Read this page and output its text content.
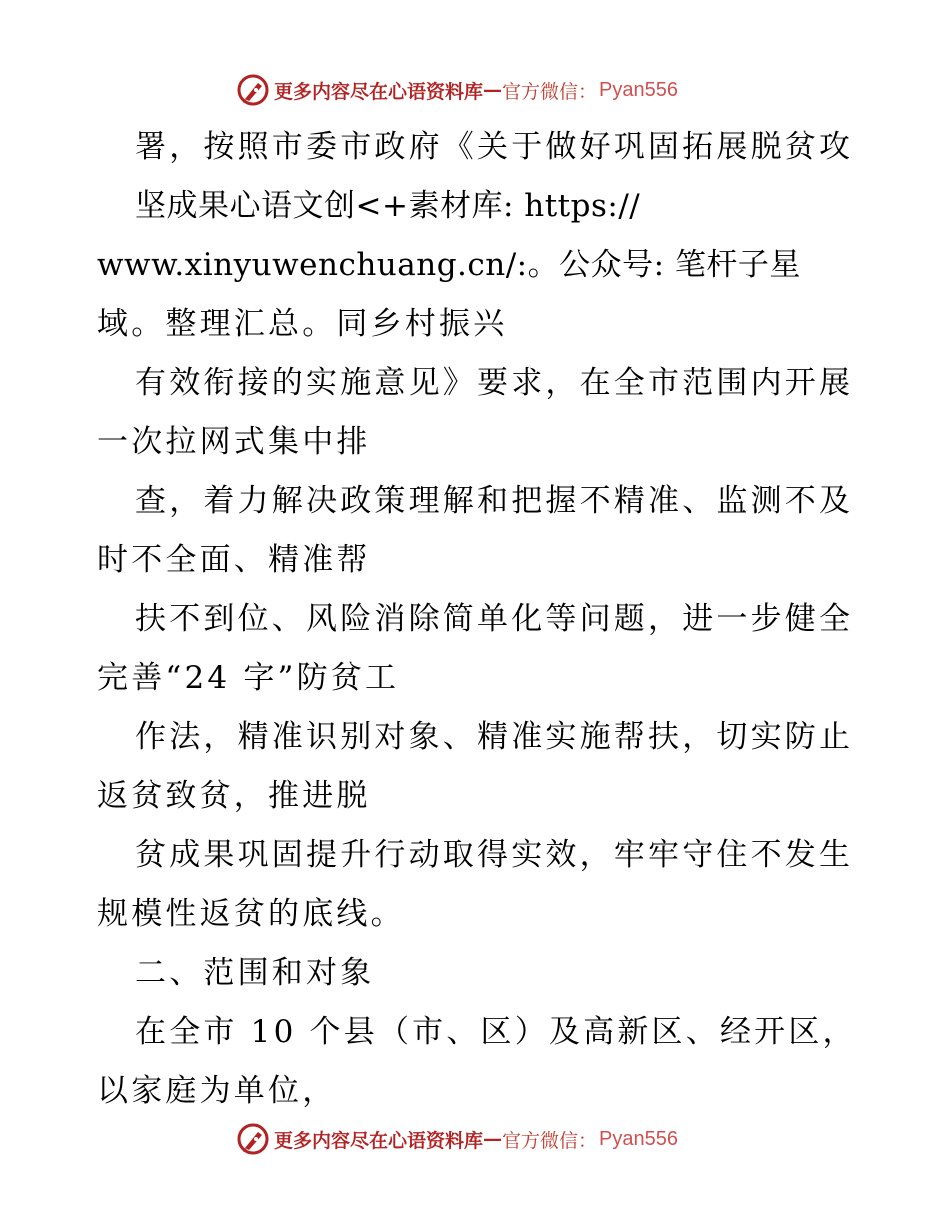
更多内容尽在心语资料库 — 官方微信： Pyan556
署，按照市委市政府《关于做好巩固拓展脱贫攻
坚成果心语文创<+素材库: https://
www.xinyuwenchuang.cn/:。公众号: 笔杆子星
域。整理汇总。同乡村振兴
有效衔接的实施意见》要求，在全市范围内开展
一次拉网式集中排
查，着力解决政策理解和把握不精准、监测不及
时不全面、精准帮
扶不到位、风险消除简单化等问题，进一步健全
完善“24 字”防贫工
作法，精准识别对象、精准实施帮扶，切实防止
返贫致贫，推进脱
贫成果巩固提升行动取得实效，牢牢守住不发生
规模性返贫的底线。
二、范围和对象
在全市 10 个县（市、区）及高新区、经开区，
以家庭为单位，
更多内容尽在心语资料库 — 官方微信： Pyan556
